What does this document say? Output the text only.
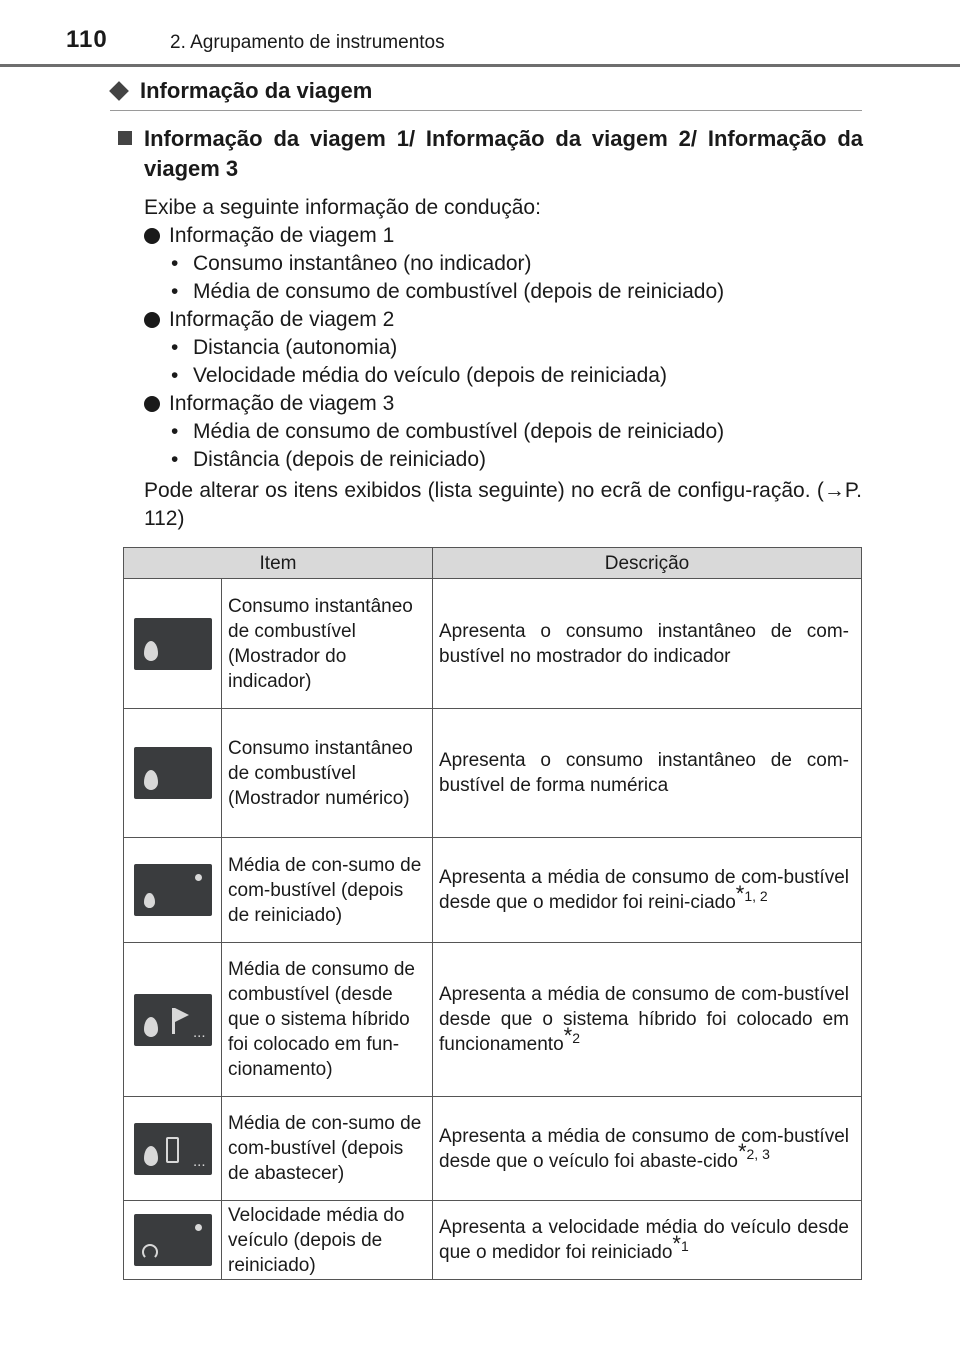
110	2. Agrupamento de instrumentos
Informação da viagem
Informação da viagem 1/ Informação da viagem 2/ Informação da viagem 3

Exibe a seguinte informação de condução:

Informação de viagem 1

• Consumo instantâneo (no indicador)

• Média de consumo de combustível (depois de reiniciado)

Informação de viagem 2

• Distancia (autonomia)

• Velocidade média do veículo (depois de reiniciada)

Informação de viagem 3

• Média de consumo de combustível (depois de reiniciado)

• Distância (depois de reiniciado)

Pode alterar os itens exibidos (lista seguinte) no ecrã de configu-ração. (→P. 112)

Item		Descrição

	Consumo instantâneo de combustível (Mostrador do indicador)	Apresenta o consumo instantâneo de com-bustível no mostrador do indicador

	Consumo instantâneo de combustível (Mostrador numérico)	Apresenta o consumo instantâneo de com-bustível de forma numérica

	Média de con-sumo de com-bustível (depois de reiniciado)	Apresenta a média de consumo de com-bustível desde que o medidor foi reini-ciado$^{*1, 2}$

...	Média de consumo de combustível (desde que o sistema híbrido foi colocado em fun-cionamento)	Apresenta a média de consumo de com-bustível desde que o sistema híbrido foi colocado em funcionamento$^{*2}$

...	Média de con-sumo de com-bustível (depois de abastecer)	Apresenta a média de consumo de com-bustível desde que o veículo foi abaste-cido$^{*2, 3}$

	Velocidade média do veículo (depois de reiniciado)	Apresenta a velocidade média do veículo desde que o medidor foi reiniciado$^{*1}$
